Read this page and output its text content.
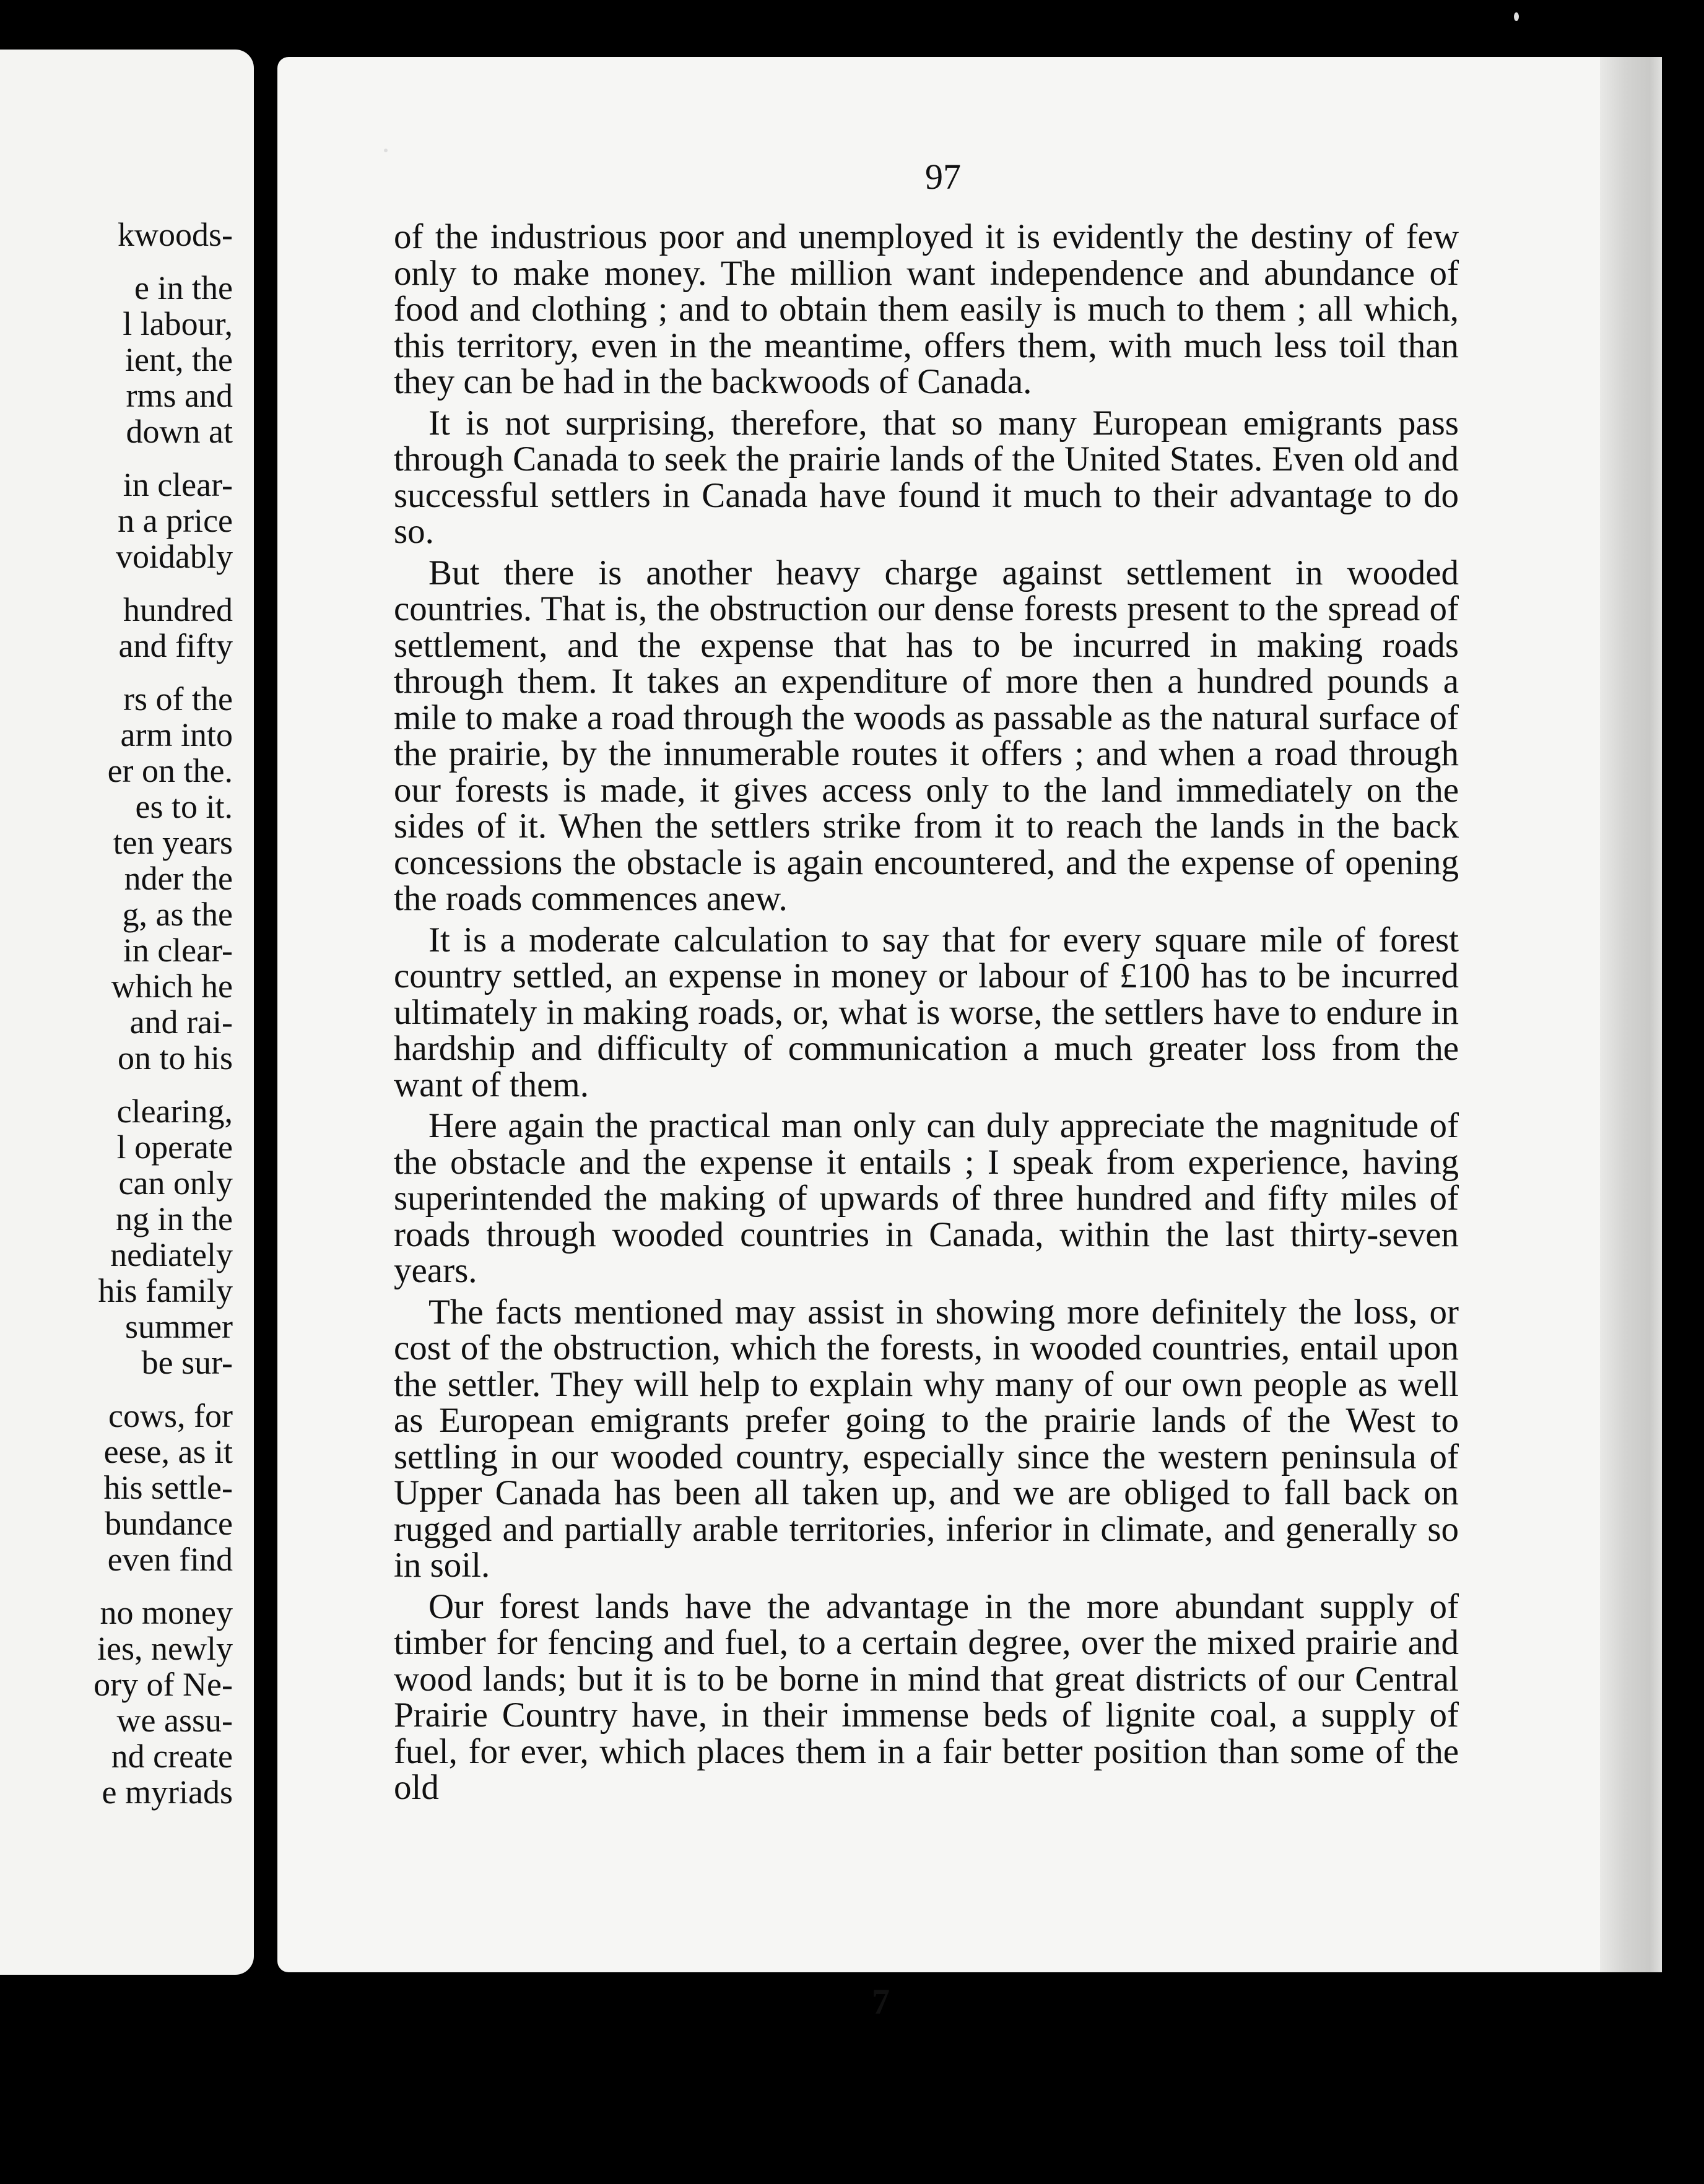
kwoods-
e in the
l labour,
ient, the
rms and
down at
in clear-
n a price
voidably
hundred
and fifty
rs of the
arm into
er on the.
es to it.
ten years
nder the
g, as the
in clear-
which he
and rai-
on to his
clearing,
l operate
can only
ng in the
nediately
his family
summer
be sur-
cows, for
eese, as it
his settle-
bundance
even find
no money
ies, newly
ory of Ne-
we assu-
nd create
e myriads
97

of the industrious poor and unemployed it is evidently the destiny of few only to make money. The million want independence and abundance of food and clothing ; and to obtain them easily is much to them ; all which, this territory, even in the meantime, offers them, with much less toil than they can be had in the backwoods of Canada.

It is not surprising, therefore, that so many European emigrants pass through Canada to seek the prairie lands of the United States. Even old and successful settlers in Canada have found it much to their advantage to do so.

But there is another heavy charge against settlement in wooded countries. That is, the obstruction our dense forests present to the spread of settlement, and the expense that has to be incurred in making roads through them. It takes an expenditure of more then a hundred pounds a mile to make a road through the woods as passable as the natural surface of the prairie, by the innumerable routes it offers ; and when a road through our forests is made, it gives access only to the land immediately on the sides of it. When the settlers strike from it to reach the lands in the back concessions the obstacle is again encountered, and the expense of opening the roads commences anew.

It is a moderate calculation to say that for every square mile of forest country settled, an expense in money or labour of £100 has to be incurred ultimately in making roads, or, what is worse, the settlers have to endure in hardship and difficulty of communication a much greater loss from the want of them.

Here again the practical man only can duly appreciate the magnitude of the obstacle and the expense it entails ; I speak from experience, having superintended the making of upwards of three hundred and fifty miles of roads through wooded countries in Canada, within the last thirty-seven years.

The facts mentioned may assist in showing more definitely the loss, or cost of the obstruction, which the forests, in wooded countries, entail upon the settler. They will help to explain why many of our own people as well as European emigrants prefer going to the prairie lands of the West to settling in our wooded country, especially since the western peninsula of Upper Canada has been all taken up, and we are obliged to fall back on rugged and partially arable territories, inferior in climate, and generally so in soil.

Our forest lands have the advantage in the more abundant supply of timber for fencing and fuel, to a certain degree, over the mixed prairie and wood lands; but it is to be borne in mind that great districts of our Central Prairie Country have, in their immense beds of lignite coal, a supply of fuel, for ever, which places them in a fair better position than some of the old

7
